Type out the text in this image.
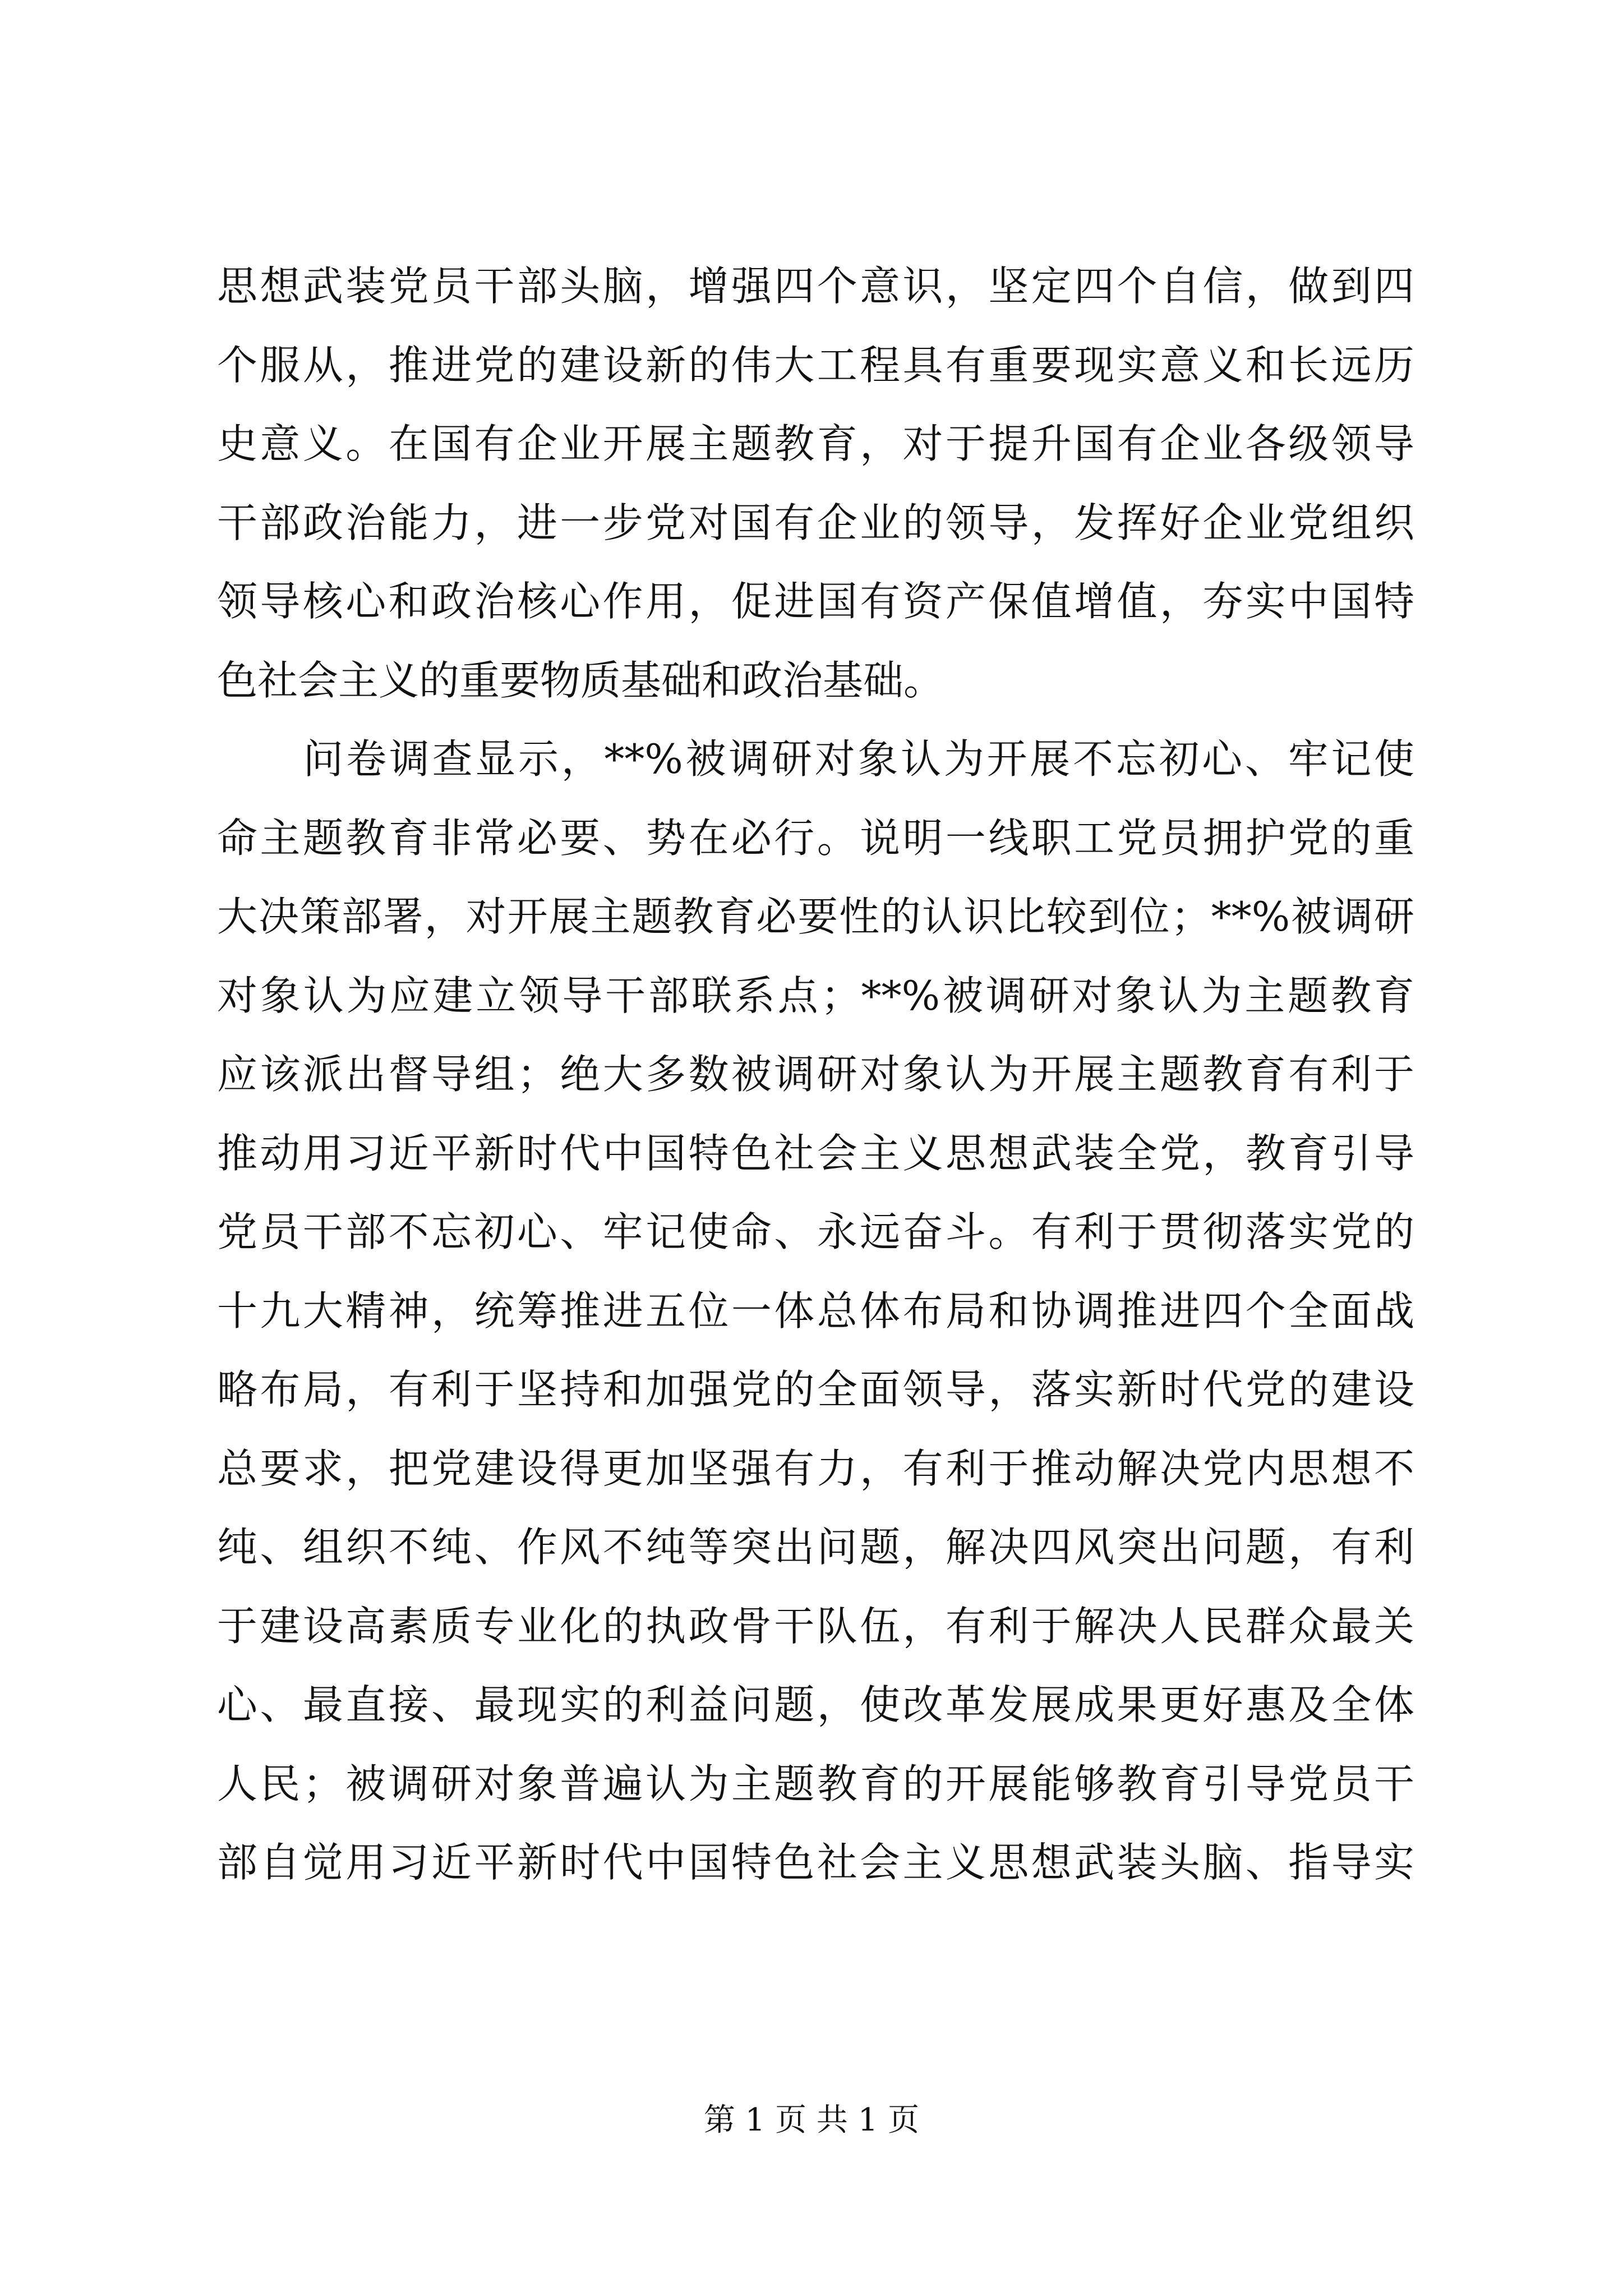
思想武装党员干部头脑，增强四个意识，坚定四个自信，做到四
个服从，推进党的建设新的伟大工程具有重要现实意义和长远历
史意义。在国有企业开展主题教育，对于提升国有企业各级领导
干部政治能力，进一步党对国有企业的领导，发挥好企业党组织
领导核心和政治核心作用，促进国有资产保值增值，夯实中国特
色社会主义的重要物质基础和政治基础。
　　问卷调查显示，**%被调研对象认为开展不忘初心、牢记使
命主题教育非常必要、势在必行。说明一线职工党员拥护党的重
大决策部署，对开展主题教育必要性的认识比较到位；**%被调研
对象认为应建立领导干部联系点；**%被调研对象认为主题教育
应该派出督导组；绝大多数被调研对象认为开展主题教育有利于
推动用习近平新时代中国特色社会主义思想武装全党，教育引导
党员干部不忘初心、牢记使命、永远奋斗。有利于贯彻落实党的
十九大精神，统筹推进五位一体总体布局和协调推进四个全面战
略布局，有利于坚持和加强党的全面领导，落实新时代党的建设
总要求，把党建设得更加坚强有力，有利于推动解决党内思想不
纯、组织不纯、作风不纯等突出问题，解决四风突出问题，有利
于建设高素质专业化的执政骨干队伍，有利于解决人民群众最关
心、最直接、最现实的利益问题，使改革发展成果更好惠及全体
人民；被调研对象普遍认为主题教育的开展能够教育引导党员干
部自觉用习近平新时代中国特色社会主义思想武装头脑、指导实
第 1 页 共 1 页
